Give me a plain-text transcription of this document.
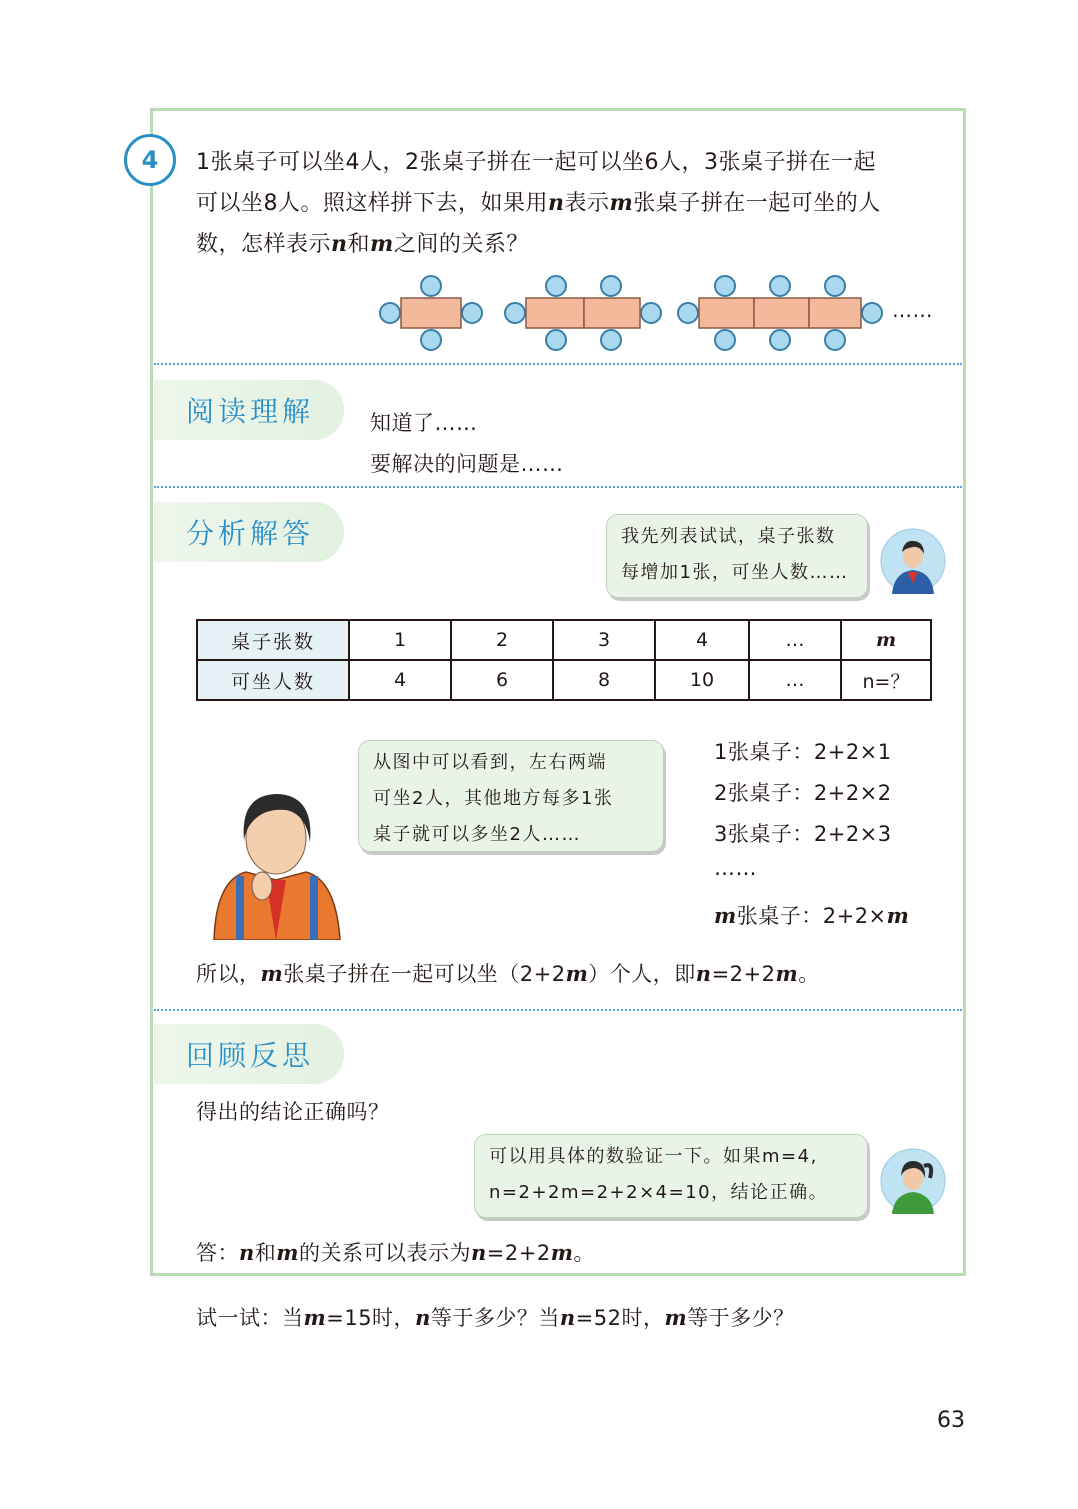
4	1张桌子可以坐4人，2张桌子拼在一起可以坐6人，3张桌子拼在一起
可以坐8人。照这样拼下去，如果用n表示m张桌子拼在一起可坐的人
数，怎样表示n和m之间的关系？
……
阅读理解	知道了……
要解决的问题是……
分析解答	我先列表试试，桌子张数
每增加1张，可坐人数……
桌子张数	1	2	3	4	…	m
可坐人数	4	6	8	10	…	n=？
从图中可以看到，左右两端
可坐2人，其他地方每多1张
桌子就可以多坐2人……
1张桌子：2+2×1
2张桌子：2+2×2
3张桌子：2+2×3
……
m张桌子：2+2×m
所以，m张桌子拼在一起可以坐（2+2m）个人，即n=2+2m。
回顾反思
得出的结论正确吗？
可以用具体的数验证一下。如果m=4,
n=2+2m=2+2×4=10，结论正确。
答：n和m的关系可以表示为n=2+2m。
试一试：当m=15时，n等于多少？当n=52时，m等于多少？
63
